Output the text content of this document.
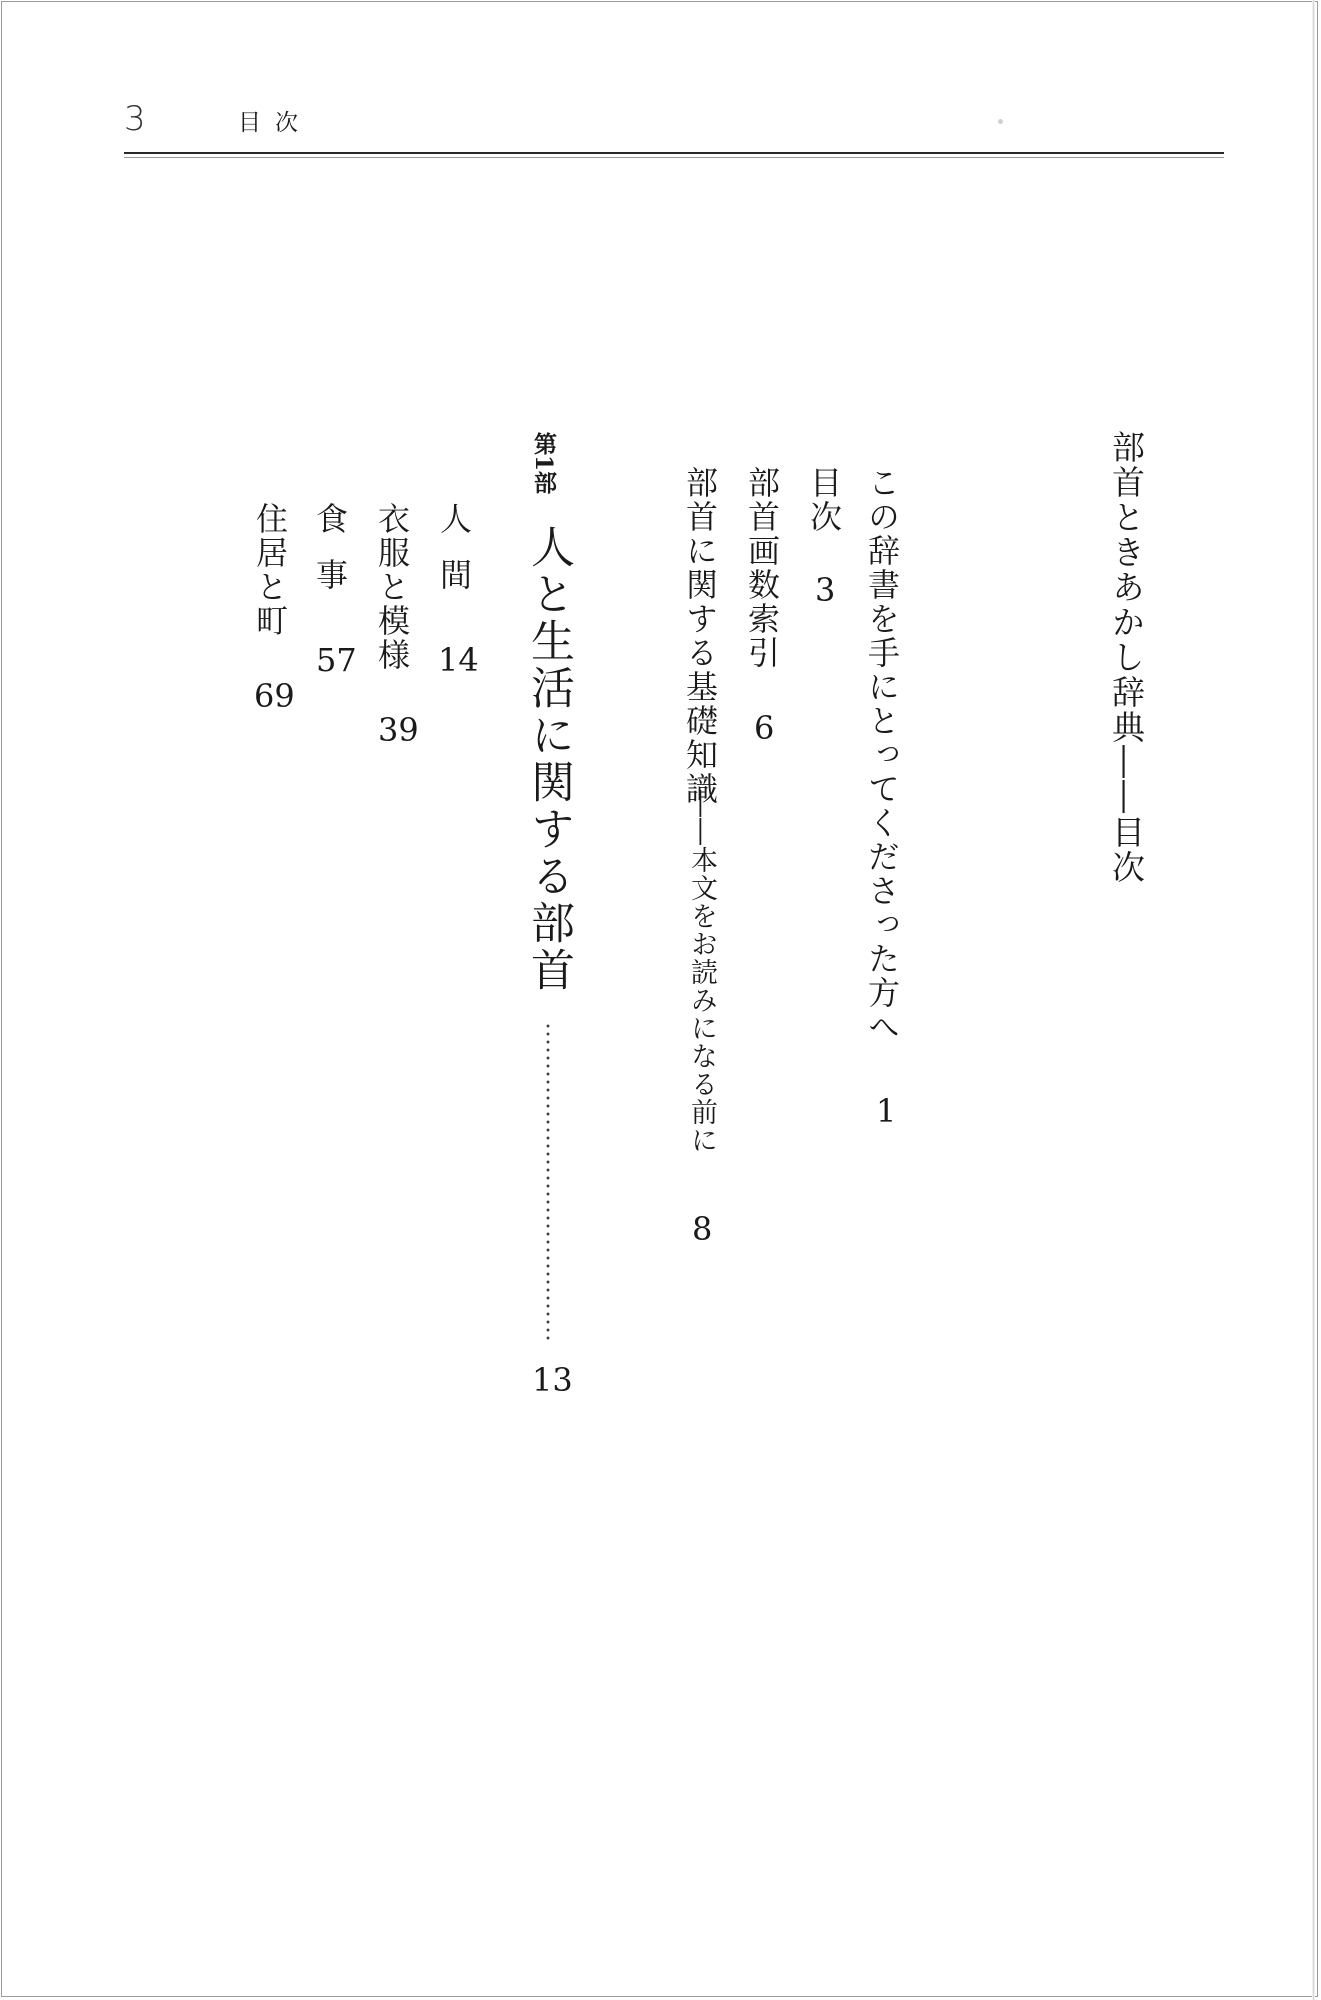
3	目次
部首ときあかし辞典――目次
この辞書を手にとってくださった方へ
1
目次
3
部首画数索引
6
部首に関する基礎知識
――本文をお読みになる前に
8
第1部
人と生活に関する部首
13
人間
14
衣服と模様
39
食事
57
住居と町
69
